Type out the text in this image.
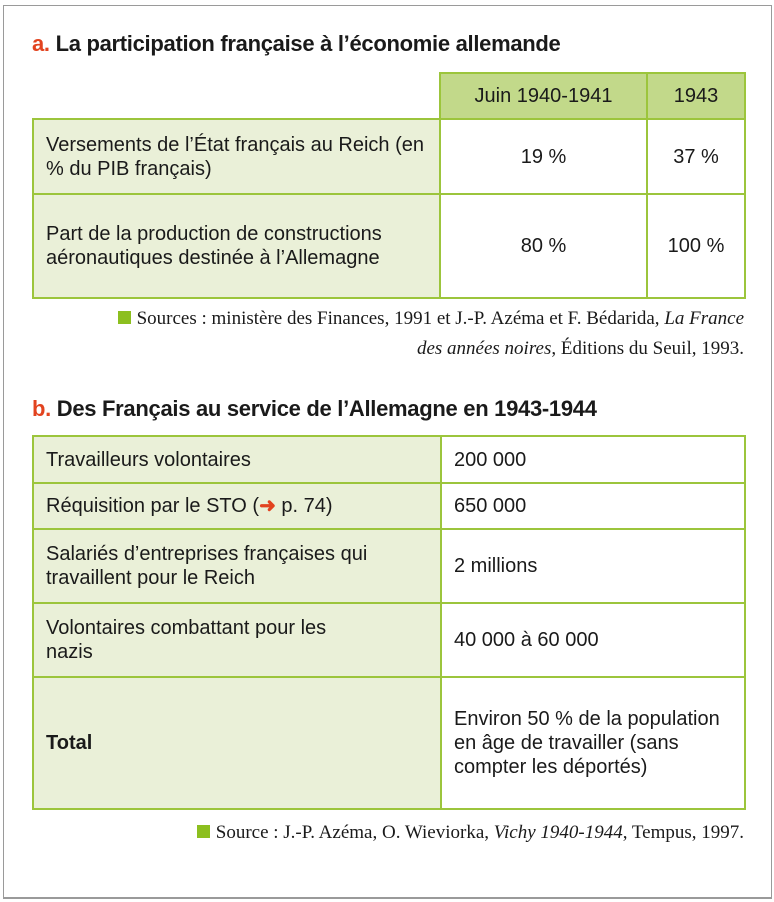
a. La participation française à l’économie allemande
	Juin 1940-1941	1943
Versements de l’État français au Reich (en % du PIB français)	19 %	37 %
Part de la production de constructions aéronautiques destinée à l’Allemagne	80 %	100 %
Sources : ministère des Finances, 1991 et J.-P. Azéma et F. Bédarida, La France des années noires, Éditions du Seuil, 1993.
b. Des Français au service de l’Allemagne en 1943-1944
Travailleurs volontaires	200 000
Réquisition par le STO (➜ p. 74)	650 000
Salariés d’entreprises françaises qui travaillent pour le Reich	2 millions

Volontaires combattant pour les nazis	40 000 à 60 000
Total	Environ 50 % de la population en âge de travailler (sans compter les déportés)
Source : J.-P. Azéma, O. Wieviorka, Vichy 1940-1944, Tempus, 1997.
